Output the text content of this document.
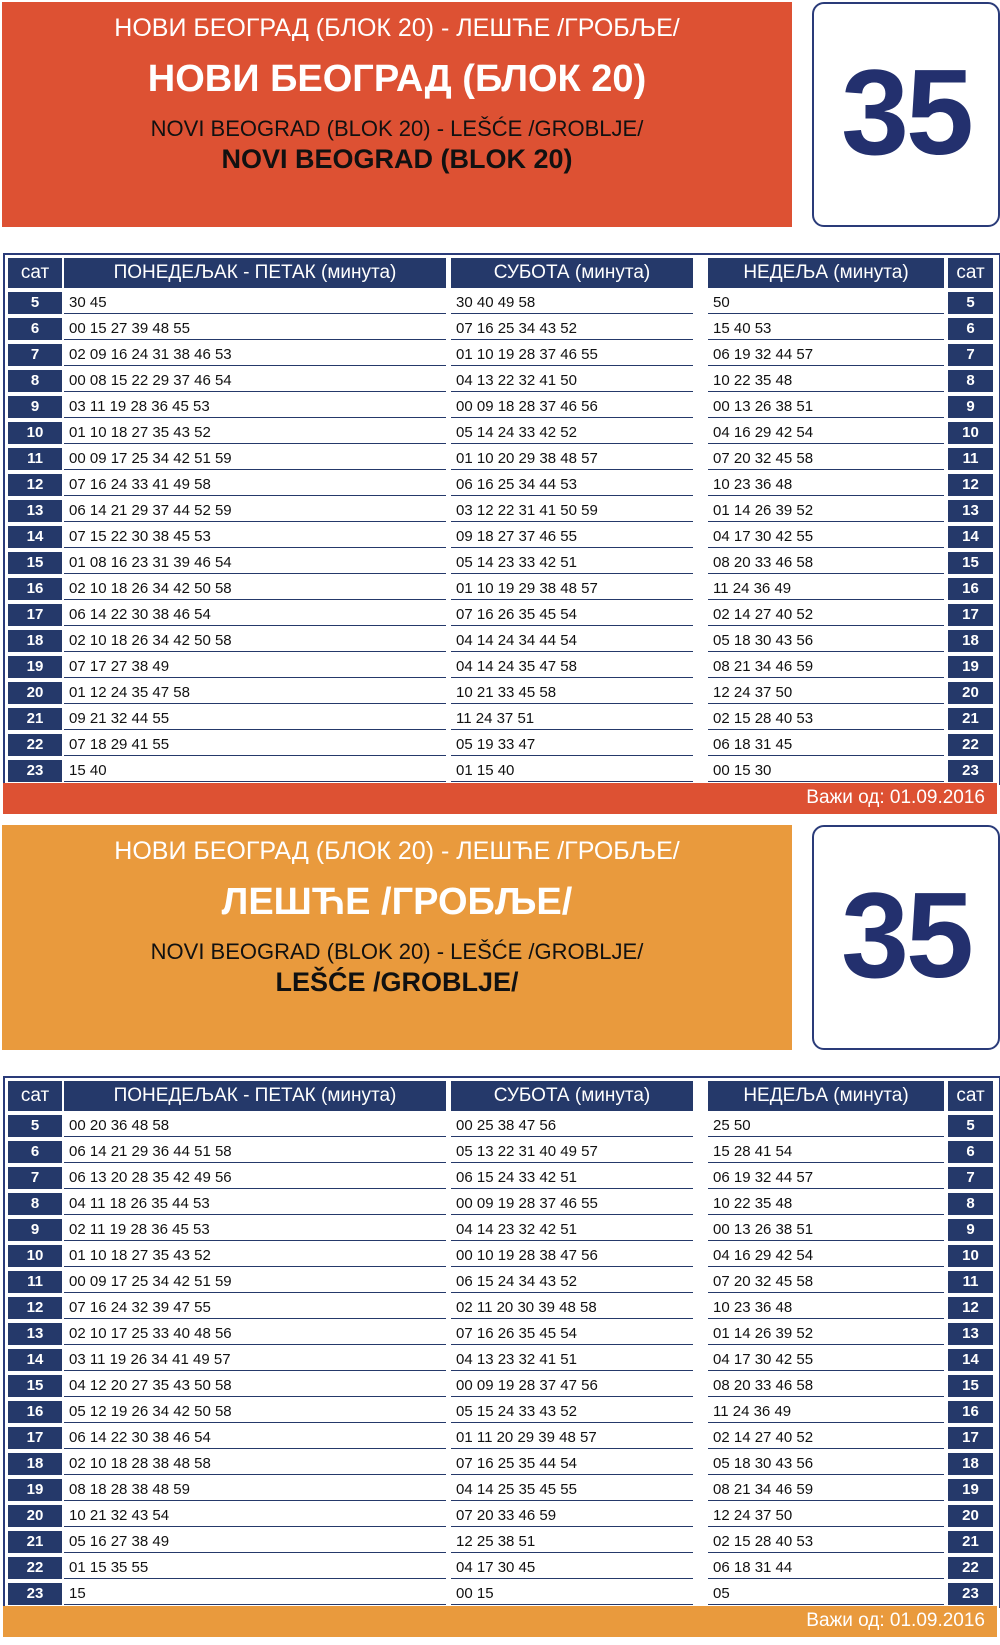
НОВИ БЕОГРАД (БЛОК 20) - ЛЕШЋЕ /ГРОБЉЕ/
НОВИ БЕОГРАД (БЛОК 20)
NOVI BEOGRAD (BLOK 20) - LEŠĆE /GROBLJE/
NOVI BEOGRAD (BLOK 20)	35
сат	ПОНЕДЕЉАК - ПЕТАК (минута)	СУБОТА (минута)	НЕДЕЉА (минута)	сат
5	30 45	30 40 49 58	50	5
6	00 15 27 39 48 55	07 16 25 34 43 52	15 40 53	6
7	02 09 16 24 31 38 46 53	01 10 19 28 37 46 55	06 19 32 44 57	7
8	00 08 15 22 29 37 46 54	04 13 22 32 41 50	10 22 35 48	8
9	03 11 19 28 36 45 53	00 09 18 28 37 46 56	00 13 26 38 51	9
10	01 10 18 27 35 43 52	05 14 24 33 42 52	04 16 29 42 54	10
11	00 09 17 25 34 42 51 59	01 10 20 29 38 48 57	07 20 32 45 58	11
12	07 16 24 33 41 49 58	06 16 25 34 44 53	10 23 36 48	12
13	06 14 21 29 37 44 52 59	03 12 22 31 41 50 59	01 14 26 39 52	13
14	07 15 22 30 38 45 53	09 18 27 37 46 55	04 17 30 42 55	14
15	01 08 16 23 31 39 46 54	05 14 23 33 42 51	08 20 33 46 58	15
16	02 10 18 26 34 42 50 58	01 10 19 29 38 48 57	11 24 36 49	16
17	06 14 22 30 38 46 54	07 16 26 35 45 54	02 14 27 40 52	17
18	02 10 18 26 34 42 50 58	04 14 24 34 44 54	05 18 30 43 56	18
19	07 17 27 38 49	04 14 24 35 47 58	08 21 34 46 59	19
20	01 12 24 35 47 58	10 21 33 45 58	12 24 37 50	20
21	09 21 32 44 55	11 24 37 51	02 15 28 40 53	21
22	07 18 29 41 55	05 19 33 47	06 18 31 45	22
23	15 40	01 15 40	00 15 30	23
Важи од: 01.09.2016
НОВИ БЕОГРАД (БЛОК 20) - ЛЕШЋЕ /ГРОБЉЕ/
ЛЕШЋЕ /ГРОБЉЕ/
NOVI BEOGRAD (BLOK 20) - LEŠĆE /GROBLJE/
LEŠĆE /GROBLJE/	35
сат	ПОНЕДЕЉАК - ПЕТАК (минута)	СУБОТА (минута)	НЕДЕЉА (минута)	сат
5	00 20 36 48 58	00 25 38 47 56	25 50	5
6	06 14 21 29 36 44 51 58	05 13 22 31 40 49 57	15 28 41 54	6
7	06 13 20 28 35 42 49 56	06 15 24 33 42 51	06 19 32 44 57	7
8	04 11 18 26 35 44 53	00 09 19 28 37 46 55	10 22 35 48	8
9	02 11 19 28 36 45 53	04 14 23 32 42 51	00 13 26 38 51	9
10	01 10 18 27 35 43 52	00 10 19 28 38 47 56	04 16 29 42 54	10
11	00 09 17 25 34 42 51 59	06 15 24 34 43 52	07 20 32 45 58	11
12	07 16 24 32 39 47 55	02 11 20 30 39 48 58	10 23 36 48	12
13	02 10 17 25 33 40 48 56	07 16 26 35 45 54	01 14 26 39 52	13
14	03 11 19 26 34 41 49 57	04 13 23 32 41 51	04 17 30 42 55	14
15	04 12 20 27 35 43 50 58	00 09 19 28 37 47 56	08 20 33 46 58	15
16	05 12 19 26 34 42 50 58	05 15 24 33 43 52	11 24 36 49	16
17	06 14 22 30 38 46 54	01 11 20 29 39 48 57	02 14 27 40 52	17
18	02 10 18 28 38 48 58	07 16 25 35 44 54	05 18 30 43 56	18
19	08 18 28 38 48 59	04 14 25 35 45 55	08 21 34 46 59	19
20	10 21 32 43 54	07 20 33 46 59	12 24 37 50	20
21	05 16 27 38 49	12 25 38 51	02 15 28 40 53	21
22	01 15 35 55	04 17 30 45	06 18 31 44	22
23	15	00 15	05	23
Важи од: 01.09.2016
